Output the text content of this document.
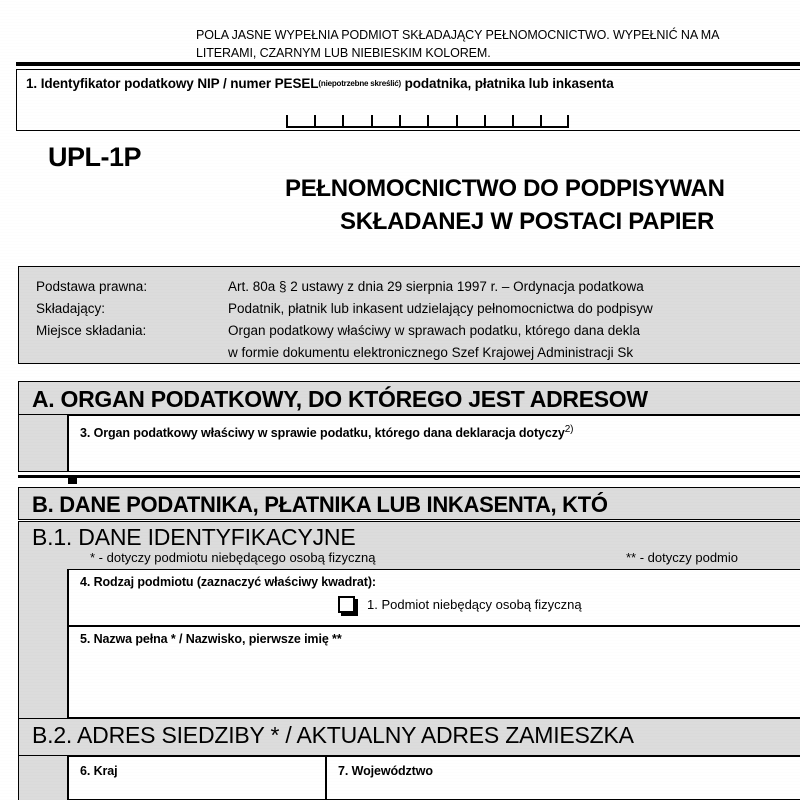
POLA JASNE WYPEŁNIA PODMIOT SKŁADAJĄCY PEŁNOMOCNICTWO. WYPEŁNIĆ NA MA
LITERAMI, CZARNYM LUB NIEBIESKIM KOLOREM.
1. Identyfikator podatkowy NIP / numer PESEL(niepotrzebne skreślić) podatnika, płatnika lub inkasenta
UPL-1P
PEŁNOMOCNICTWO DO PODPISYWAN
SKŁADANEJ W POSTACI PAPIER
Podstawa prawna:
Składający:
Miejsce składania:
Art. 80a § 2 ustawy z dnia 29 sierpnia 1997 r. – Ordynacja podatkowa
Podatnik, płatnik lub inkasent udzielający pełnomocnictwa do podpisyw
Organ podatkowy właściwy w sprawach podatku, którego dana dekla
w formie dokumentu elektronicznego Szef Krajowej Administracji Sk
A. ORGAN PODATKOWY, DO KTÓREGO JEST ADRESOW
3. Organ podatkowy właściwy w sprawie podatku, którego dana deklaracja dotyczy$^{2)}$
B. DANE PODATNIKA, PŁATNIKA LUB INKASENTA, KTÓ
B.1. DANE IDENTYFIKACYJNE
* - dotyczy podmiotu niebędącego osobą fizyczną	** - dotyczy podmio
4. Rodzaj podmiotu (zaznaczyć właściwy kwadrat):
1. Podmiot niebędący osobą fizyczną
5. Nazwa pełna * / Nazwisko, pierwsze imię **
B.2. ADRES SIEDZIBY * / AKTUALNY ADRES ZAMIESZKA
6. Kraj	7. Województwo
